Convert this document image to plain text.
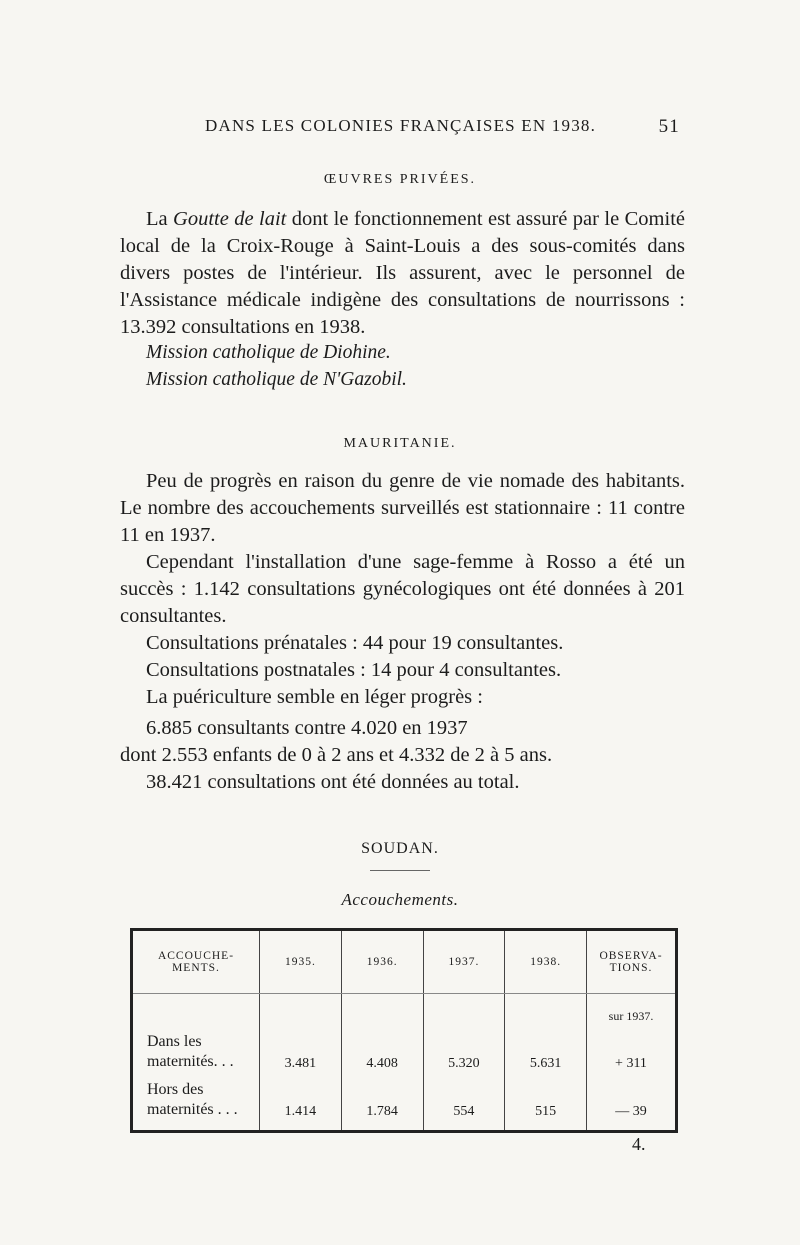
DANS LES COLONIES FRANÇAISES EN 1938.	51
ŒUVRES PRIVÉES.

La Goutte de lait dont le fonctionnement est assuré par le Comité local de la Croix-Rouge à Saint-Louis a des sous-comités dans divers postes de l'intérieur. Ils assurent, avec le personnel de l'Assistance médicale indigène des consultations de nourrissons : 13.392 consultations en 1938.

Mission catholique de Diohine.
Mission catholique de N'Gazobil.
MAURITANIE.

Peu de progrès en raison du genre de vie nomade des habitants. Le nombre des accouchements surveillés est stationnaire : 11 contre 11 en 1937.

Cependant l'installation d'une sage-femme à Rosso a été un succès : 1.142 consultations gynécologiques ont été données à 201 consultantes.

Consultations prénatales : 44 pour 19 consultantes.

Consultations postnatales : 14 pour 4 consultantes.

La puériculture semble en léger progrès :

6.885 consultants contre 4.020 en 1937

dont 2.553 enfants de 0 à 2 ans et 4.332 de 2 à 5 ans.

38.421 consultations ont été données au total.

SOUDAN.
Accouchements.
ACCOUCHE-MENTS.	1935.	1936.	1937.	1938.	OBSERVA-TIONS.
					sur 1937.
Dans les maternités. . .	3.481	4.408	5.320	5.631	+ 311
Hors des maternités . . .	1.414	1.784	554	515	— 39
4.
